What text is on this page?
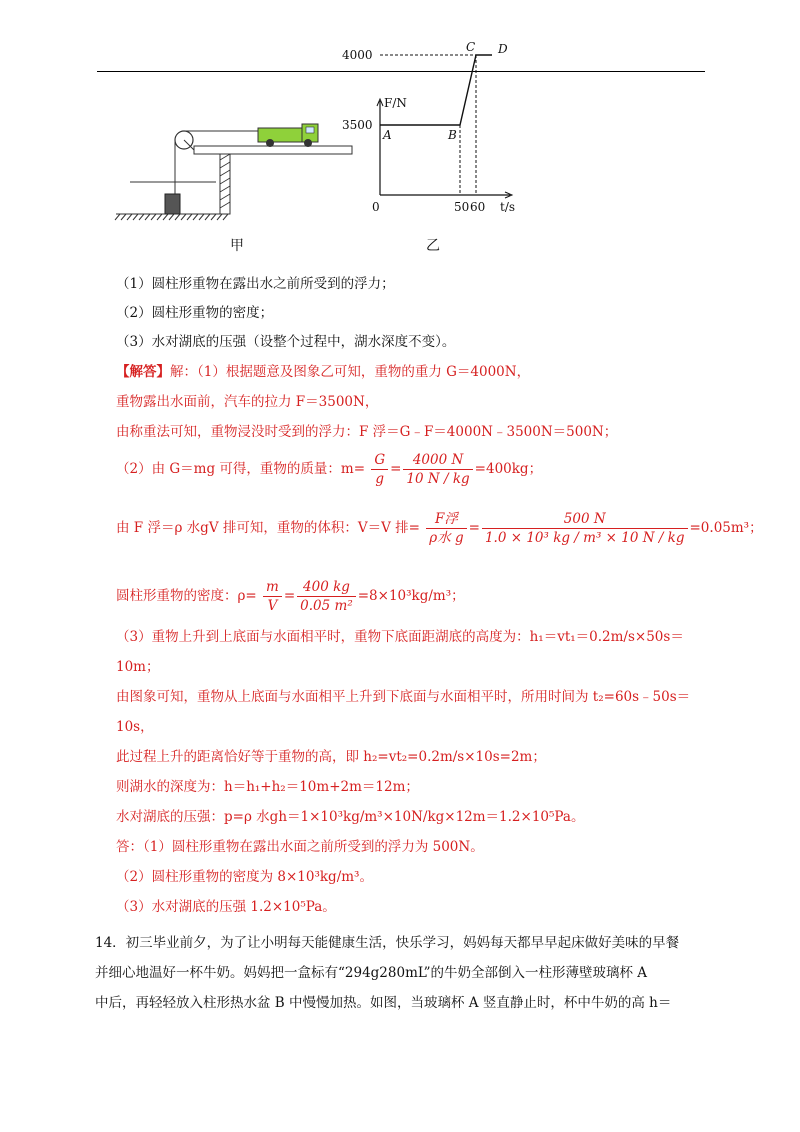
甲
F/N
t/s
0	50 60
4000
3500
A	B
C D
乙
（1）圆柱形重物在露出水之前所受到的浮力；
（2）圆柱形重物的密度；
（3）水对湖底的压强（设整个过程中，湖水深度不变）。
【解答】解：（1）根据题意及图象乙可知，重物的重力 G＝4000N，
重物露出水面前，汽车的拉力 F＝3500N，
由称重法可知，重物浸没时受到的浮力：F 浮＝G﹣F＝4000N﹣3500N＝500N；
（2）由 G＝mg 可得，重物的质量：$m= \frac{G}{g} = \frac{4000 N}{10 N / kg} =400kg$；
由 F 浮＝ρ 水gV 排可知，重物的体积：V＝V 排= $\frac{\text{F浮}}{\text{ρ水 g}} = \frac{500 N}{\text{1.0 × 10³ kg / m³ × 10 N / kg}} =0.05m^3$；
圆柱形重物的密度：$\rho= \frac{m}{V} = \frac{400 kg}{\text{0.05 m²}} =8\times 10^3kg/m^3$；
（3）重物上升到上底面与水面相平时，重物下底面距湖底的高度为：h₁＝vt₁＝0.2m/s×50s＝
10m；
由图象可知，重物从上底面与水面相平上升到下底面与水面相平时，所用时间为 t₂=60s﹣50s＝
10s，
此过程上升的距离恰好等于重物的高，即 h₂=vt₂=0.2m/s×10s=2m；
则湖水的深度为：h＝h₁+h₂＝10m+2m＝12m；
水对湖底的压强：p=ρ 水gh＝1×10³kg/m³×10N/kg×12m＝1.2×10⁵Pa。
答：（1）圆柱形重物在露出水面之前所受到的浮力为 500N。
（2）圆柱形重物的密度为 8×10³kg/m³。
（3）水对湖底的压强 1.2×10⁵Pa。
14．初三毕业前夕，为了让小明每天能健康生活，快乐学习，妈妈每天都早早起床做好美味的早餐
并细心地温好一杯牛奶。妈妈把一盒标有“294g280mL”的牛奶全部倒入一柱形薄壁玻璃杯 A
中后，再轻轻放入柱形热水盆 B 中慢慢加热。如图，当玻璃杯 A 竖直静止时，杯中牛奶的高 h＝
